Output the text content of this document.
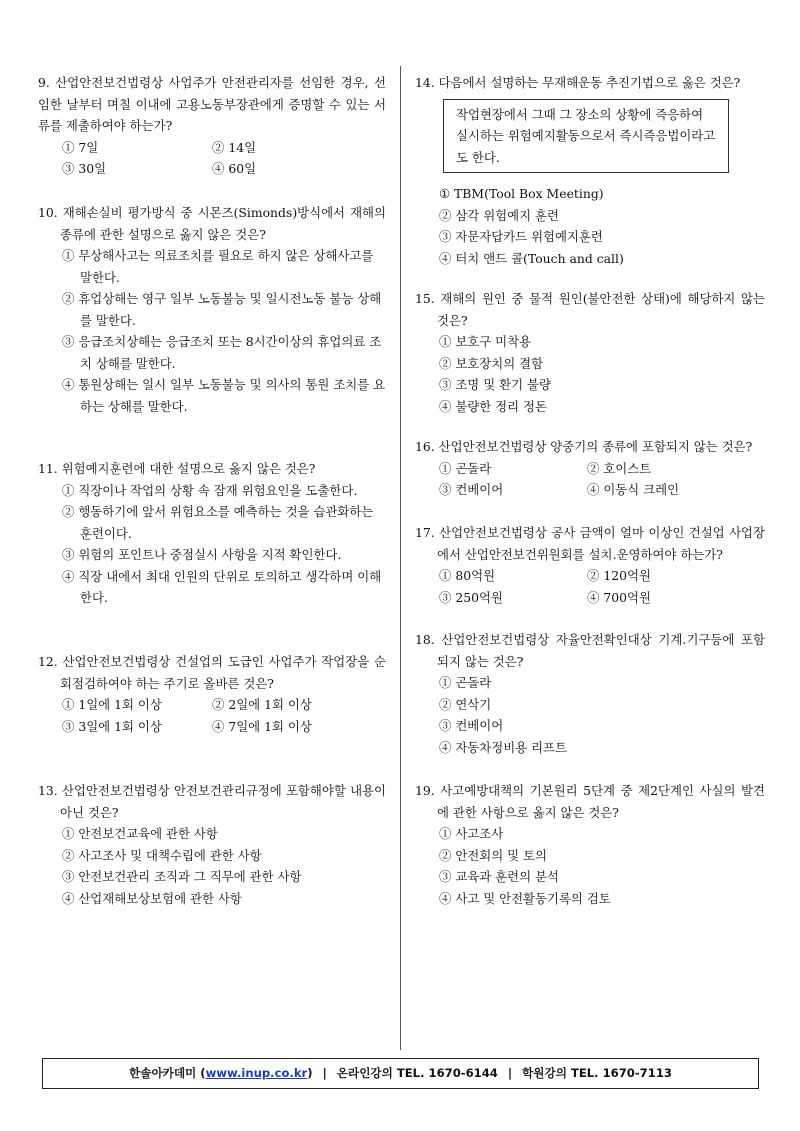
9. 산업안전보건법령상 사업주가 안전관리자를 선임한 경우, 선임한 날부터 며칠 이내에 고용노동부장관에게 증명할 수 있는 서류를 제출하여야 하는가?

① 7일	② 14일
③ 30일	④ 60일

10. 재해손실비 평가방식 중 시몬즈(Simonds)방식에서 재해의 종류에 관한 설명으로 옳지 않은 것은?

① 무상해사고는 의료조치를 필요로 하지 않은 상해사고를 말한다.

② 휴업상해는 영구 일부 노동불능 및 일시전노동 불능 상해를 말한다.

③ 응급조치상해는 응급조치 또는 8시간이상의 휴업의료 조치 상해를 말한다.

④ 통원상해는 일시 일부 노동불능 및 의사의 통원 조치를 요하는 상해를 말한다.

11. 위험예지훈련에 대한 설명으로 옳지 않은 것은?

① 직장이나 작업의 상황 속 잠재 위험요인을 도출한다.

② 행동하기에 앞서 위험요소를 예측하는 것을 습관화하는 훈련이다.

③ 위험의 포인트나 중점실시 사항을 지적 확인한다.

④ 직장 내에서 최대 인원의 단위로 토의하고 생각하며 이해한다.

12. 산업안전보건법령상 건설업의 도급인 사업주가 작업장을 순회점검하여야 하는 주기로 올바른 것은?

① 1일에 1회 이상	② 2일에 1회 이상
③ 3일에 1회 이상	④ 7일에 1회 이상

13. 산업안전보건법령상 안전보건관리규정에 포함해야할 내용이 아닌 것은?

① 안전보건교육에 관한 사항

② 사고조사 및 대책수립에 관한 사항

③ 안전보건관리 조직과 그 직무에 관한 사항

④ 산업재해보상보험에 관한 사항

14. 다음에서 설명하는 무재해운동 추진기법으로 옳은 것은?

작업현장에서 그때 그 장소의 상황에 즉응하여 실시하는 위험예지활동으로서 즉시즉응법이라고도 한다.

① TBM(Tool Box Meeting)

② 삼각 위험예지 훈련

③ 자문자답카드 위험예지훈련

④ 터치 앤드 콜(Touch and call)

15. 재해의 원인 중 물적 원인(불안전한 상태)에 해당하지 않는 것은?

① 보호구 미착용

② 보호장치의 결함

③ 조명 및 환기 불량

④ 불량한 정리 정돈

16. 산업안전보건법령상 양중기의 종류에 포함되지 않는 것은?

① 곤돌라	② 호이스트
③ 컨베이어	④ 이동식 크레인

17. 산업안전보건법령상 공사 금액이 얼마 이상인 건설업 사업장에서 산업안전보건위원회를 설치․운영하여야 하는가?

① 80억원	② 120억원
③ 250억원	④ 700억원

18. 산업안전보건법령상 자율안전확인대상 기계․기구등에 포함되지 않는 것은?

① 곤돌라

② 연삭기

③ 컨베이어

④ 자동차정비용 리프트

19. 사고예방대책의 기본원리 5단계 중 제2단계인 사실의 발견에 관한 사항으로 옳지 않은 것은?

① 사고조사

② 안전회의 및 토의

③ 교육과 훈련의 분석

④ 사고 및 안전활동기록의 검토

한솔아카데미 ( www.inup.co.kr ) | 온라인강의 TEL. 1670-6144 | 학원강의 TEL. 1670-7113
